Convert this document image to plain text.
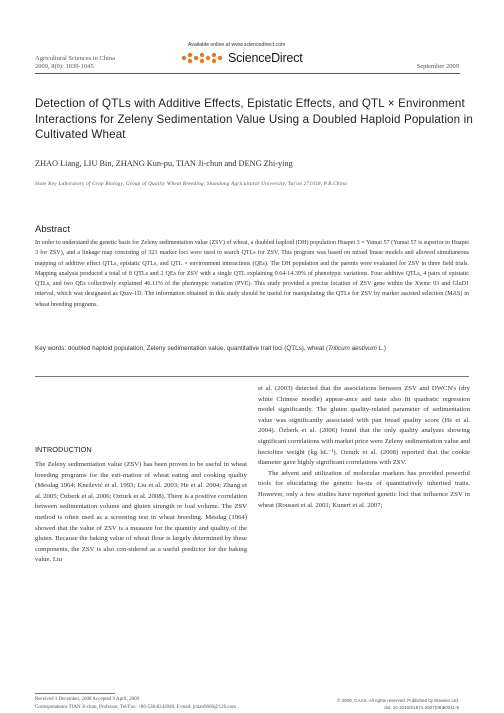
Available online at www.sciencedirect.com
ScienceDirect
Agricultural Sciences in China
2009, 8(9): 1039-1045	September 2009
Detection of QTLs with Additive Effects, Epistatic Effects, and QTL × Environment Interactions for Zeleny Sedimentation Value Using a Doubled Haploid Population in Cultivated Wheat
ZHAO Liang, LIU Bin, ZHANG Kun-pu, TIAN Ji-chun and DENG Zhi-ying
State Key Laboratory of Crop Biology, Group of Quality Wheat Breeding, Shandong Agricultural University, Tai'an 271018, P.R.China
Abstract
In order to understand the genetic basis for Zeleny sedimentation value (ZSV) of wheat, a doubled haploid (DH) population Huapei 3 × Yumai 57 (Yumai 57 is superior to Huapei 3 for ZSV), and a linkage map consisting of 323 marker loci were used to search QTLs for ZSV. This program was based on mixed linear models and allowed simultaneous mapping of additive effect QTLs, epistatic QTLs, and QTL × environment interactions (QEs). The DH population and the parents were evaluated for ZSV in three field trials. Mapping analysis produced a total of 8 QTLs and 2 QEs for ZSV with a single QTL explaining 0.64-14.39% of phenotypic variations. Four additive QTLs, 4 pairs of epistatic QTLs, and two QEs collectively explained 46.11% of the phenotypic variation (PVE). This study provided a precise location of ZSV gene within the Xwmc 93 and GluD1 interval, which was designated as Qzsv-1D. The information obtained in this study should be useful for manipulating the QTLs for ZSV by marker assisted selection (MAS) in wheat breeding programs.
Key words: doubled haploid population, Zeleny sedimentation value, quantitative trait loci (QTLs), wheat (Triticum aestivum L.)
INTRODUCTION
The Zeleny sedimentation value (ZSV) has been proven to be useful in wheat breeding programs for the esti-mation of wheat eating and cooking quality (Mesdag 1964; Knežević et al. 1993; Liu et al. 2003; He et al. 2004; Zhang et al. 2005; Özberk et al. 2006; Ozturk et al. 2008). There is a positive correlation between sedimentation volume and gluten strength or loaf volume. The ZSV method is often used as a screening test in wheat breeding. Mesdag (1964) showed that the value of ZSV is a measure for the quantity and quality of the gluten. Because the baking value of wheat flour is largely determined by these components, the ZSV is also con-sidered as a useful predictor for the baking value. Liu
et al. (2003) detected that the associations between ZSV and DWCN's (dry white Chinese noodle) appear-ance and taste also fit quadratic regression model significantly. The gluten quality-related parameter of sedimentation value was significantly associated with pan bread quality score (He et al. 2004). Özberk et al. (2006) found that the only quality analyses showing significant correlations with market price were Zeleny sedimentation value and hectolitre weight (kg hL⁻¹). Ozturk et al. (2008) reported that the cookie diameter gave highly significant correlations with ZSV.
The advent and utilization of molecular markers has provided powerful tools for elucidating the genetic ba-sis of quantitatively inherited traits. However, only a few studies have reported genetic loci that influence ZSV in wheat (Rousset et al. 2001; Kunert et al. 2007;
Received 3 December, 2008 Accepted 9 April, 2009
Correspondence TIAN Ji-chun, Professor, Tel/Fax: +86-538-8242040, E-mail: jctian9666@126.com
© 2009, CAAS. All rights reserved. Published by Elsevier Ltd.
doi: 10.1016/S1671-2927(08)60311-9
